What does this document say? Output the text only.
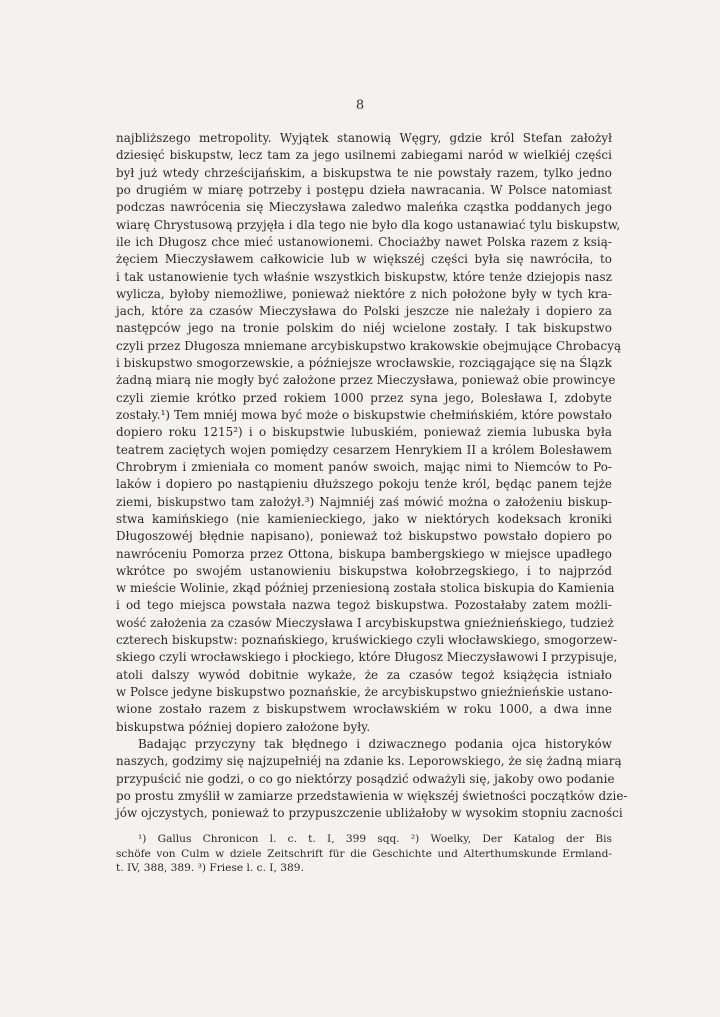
8
najbliższego metropolity. Wyjątek stanowią Węgry, gdzie król Stefan założył
dziesięć biskupstw, lecz tam za jego usilnemi zabiegami naród w wielkiéj części
był już wtedy chrześcijańskim, a biskupstwa te nie powstały razem, tylko jedno
po drugiém w miarę potrzeby i postępu dzieła nawracania. W Polsce natomiast
podczas nawrócenia się Mieczysława zaledwo maleńka cząstka poddanych jego
wiarę Chrystusową przyjęła i dla tego nie było dla kogo ustanawiać tylu biskupstw,
ile ich Długosz chce mieć ustanowionemi. Chociażby nawet Polska razem z ksią-
żęciem Mieczysławem całkowicie lub w większéj części była się nawróciła, to
i tak ustanowienie tych właśnie wszystkich biskupstw, które tenże dziejopis nasz
wylicza, byłoby niemożliwe, ponieważ niektóre z nich położone były w tych kra-
jach, które za czasów Mieczysława do Polski jeszcze nie należały i dopiero za
następców jego na tronie polskim do niéj wcielone zostały. I tak biskupstwo
czyli przez Długosza mniemane arcybiskupstwo krakowskie obejmujące Chrobacyą
i biskupstwo smogorzewskie, a późniejsze wrocławskie, rozciągające się na Ślązk
żadną miarą nie mogły być założone przez Mieczysława, ponieważ obie prowincye
czyli ziemie krótko przed rokiem 1000 przez syna jego, Bolesława I, zdobyte
zostały.¹) Tem mniéj mowa być może o biskupstwie chełmińskiém, które powstało
dopiero roku 1215²) i o biskupstwie lubuskiém, ponieważ ziemia lubuska była
teatrem zaciętych wojen pomiędzy cesarzem Henrykiem II a królem Bolesławem
Chrobrym i zmieniała co moment panów swoich, mając nimi to Niemców to Po-
laków i dopiero po nastąpieniu dłuższego pokoju tenże król, będąc panem tejże
ziemi, biskupstwo tam założył.³) Najmniéj zaś mówić można o założeniu biskup-
stwa kamińskiego (nie kamienieckiego, jako w niektórych kodeksach kroniki
Długoszowéj błędnie napisano), ponieważ toż biskupstwo powstało dopiero po
nawróceniu Pomorza przez Ottona, biskupa bambergskiego w miejsce upadłego
wkrótce po swojém ustanowieniu biskupstwa kołobrzegskiego, i to najprzód
w mieście Wolinie, zkąd później przeniesioną została stolica biskupia do Kamienia
i od tego miejsca powstała nazwa tegoż biskupstwa. Pozostałaby zatem możli-
wość założenia za czasów Mieczysława I arcybiskupstwa gnieźnieńskiego, tudzież
czterech biskupstw: poznańskiego, kruświckiego czyli włocławskiego, smogorzew-
skiego czyli wrocławskiego i płockiego, które Długosz Mieczysławowi I przypisuje,
atoli dalszy wywód dobitnie wykaże, że za czasów tegoż książęcia istniało
w Polsce jedyne biskupstwo poznańskie, że arcybiskupstwo gnieźnieńskie ustano-
wione zostało razem z biskupstwem wrocławskiém w roku 1000, a dwa inne
biskupstwa później dopiero założone były.
Badając przyczyny tak błędnego i dziwacznego podania ojca historyków
naszych, godzimy się najzupełniéj na zdanie ks. Leporowskiego, że się żadną miarą
przypuścić nie godzi, o co go niektórzy posądzić odważyli się, jakoby owo podanie
po prostu zmyślił w zamiarze przedstawienia w większéj świetności początków dzie-
jów ojczystych, ponieważ to przypuszczenie ubliżałoby w wysokim stopniu zacności
¹) Gallus Chronicon l. c. t. I, 399 sqq. ²) Woelky, Der Katalog der Bis
schöfe von Culm w dziele Zeitschrift für die Geschichte und Alterthumskunde Ermland-
t. IV, 388, 389. ³) Friese l. c. I, 389.
